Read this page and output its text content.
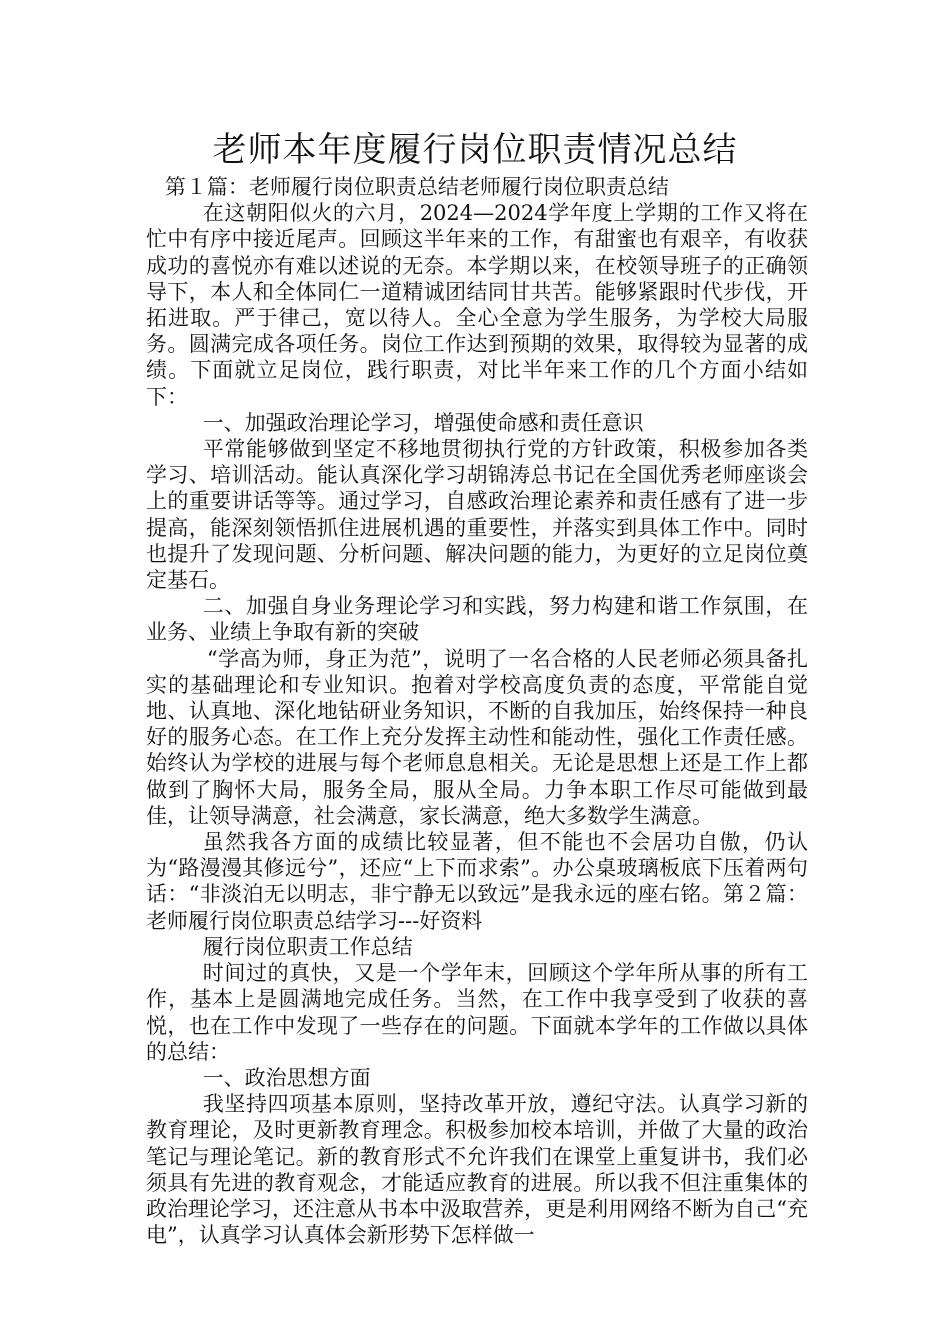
老师本年度履行岗位职责情况总结

第１篇：老师履行岗位职责总结老师履行岗位职责总结

在这朝阳似火的六月，2024—2024学年度上学期的工作又将在忙中有序中接近尾声。回顾这半年来的工作，有甜蜜也有艰辛，有收获成功的喜悦亦有难以述说的无奈。本学期以来，在校领导班子的正确领导下，本人和全体同仁一道精诚团结同甘共苦。能够紧跟时代步伐，开拓进取。严于律己，宽以待人。全心全意为学生服务，为学校大局服务。圆满完成各项任务。岗位工作达到预期的效果，取得较为显著的成绩。下面就立足岗位，践行职责，对比半年来工作的几个方面小结如下：

一、加强政治理论学习，增强使命感和责任意识

平常能够做到坚定不移地贯彻执行党的方针政策，积极参加各类学习、培训活动。能认真深化学习胡锦涛总书记在全国优秀老师座谈会上的重要讲话等等。通过学习，自感政治理论素养和责任感有了进一步提高，能深刻领悟抓住进展机遇的重要性，并落实到具体工作中。同时也提升了发现问题、分析问题、解决问题的能力，为更好的立足岗位奠定基石。

二、加强自身业务理论学习和实践，努力构建和谐工作氛围，在业务、业绩上争取有新的突破

“学高为师，身正为范”，说明了一名合格的人民老师必须具备扎实的基础理论和专业知识。抱着对学校高度负责的态度，平常能自觉地、认真地、深化地钻研业务知识，不断的自我加压，始终保持一种良好的服务心态。在工作上充分发挥主动性和能动性，强化工作责任感。始终认为学校的进展与每个老师息息相关。无论是思想上还是工作上都做到了胸怀大局，服务全局，服从全局。力争本职工作尽可能做到最佳，让领导满意，社会满意，家长满意，绝大多数学生满意。

虽然我各方面的成绩比较显著，但不能也不会居功自傲，仍认为“路漫漫其修远兮”，还应“上下而求索”。办公桌玻璃板底下压着两句话：“非淡泊无以明志，非宁静无以致远”是我永远的座右铭。第２篇：老师履行岗位职责总结学习---好资料

履行岗位职责工作总结

时间过的真快，又是一个学年末，回顾这个学年所从事的所有工作，基本上是圆满地完成任务。当然，在工作中我享受到了收获的喜悦，也在工作中发现了一些存在的问题。下面就本学年的工作做以具体的总结：

一、政治思想方面

我坚持四项基本原则，坚持改革开放，遵纪守法。认真学习新的教育理论，及时更新教育理念。积极参加校本培训，并做了大量的政治笔记与理论笔记。新的教育形式不允许我们在课堂上重复讲书，我们必须具有先进的教育观念，才能适应教育的进展。所以我不但注重集体的政治理论学习，还注意从书本中汲取营养，更是利用网络不断为自己“充电”，认真学习认真体会新形势下怎样做一
